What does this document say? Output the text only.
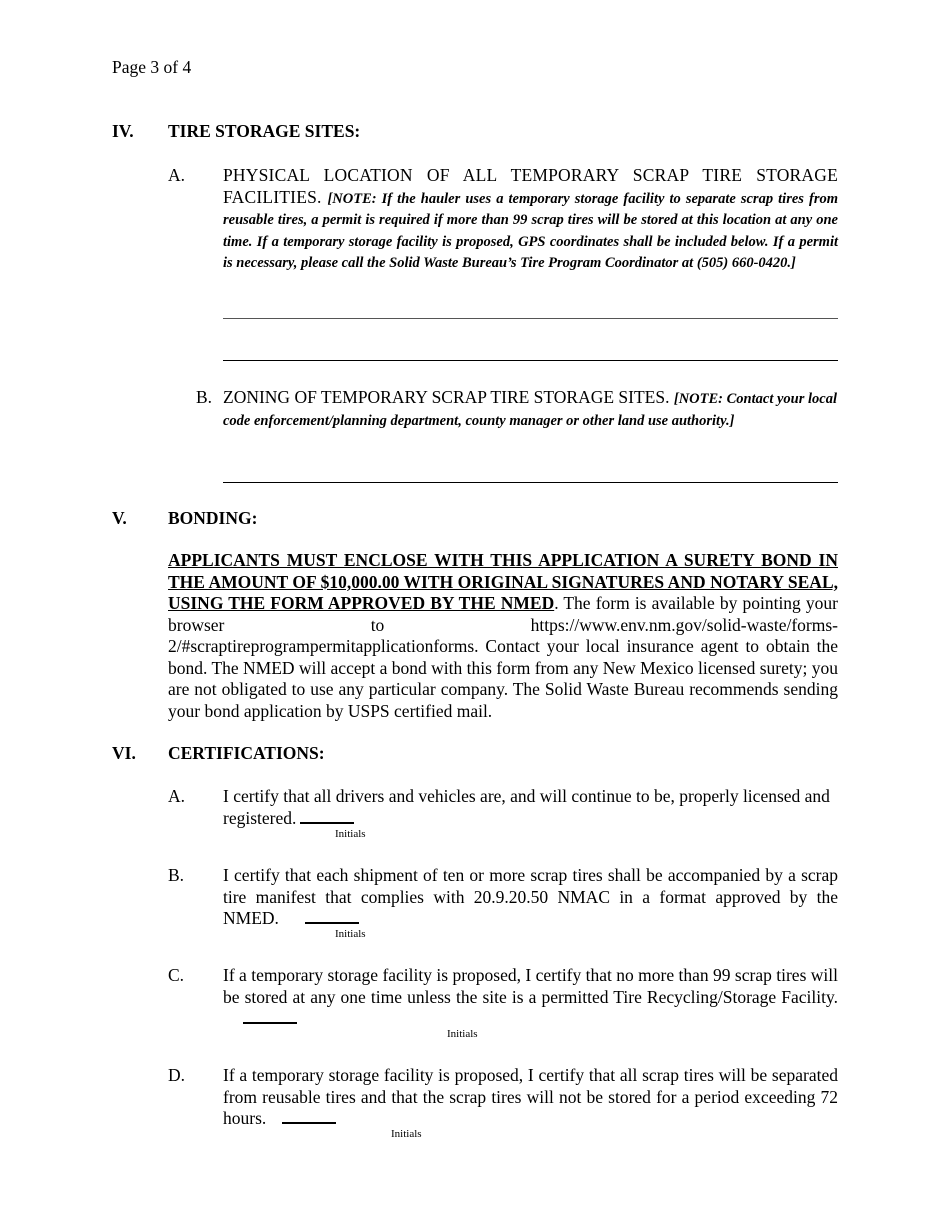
Page 3 of 4
IV. TIRE STORAGE SITES:
A. PHYSICAL LOCATION OF ALL TEMPORARY SCRAP TIRE STORAGE FACILITIES. [NOTE: If the hauler uses a temporary storage facility to separate scrap tires from reusable tires, a permit is required if more than 99 scrap tires will be stored at this location at any one time. If a temporary storage facility is proposed, GPS coordinates shall be included below. If a permit is necessary, please call the Solid Waste Bureau’s Tire Program Coordinator at (505) 660-0420.]
B. ZONING OF TEMPORARY SCRAP TIRE STORAGE SITES. [NOTE: Contact your local code enforcement/planning department, county manager or other land use authority.]
V. BONDING:
APPLICANTS MUST ENCLOSE WITH THIS APPLICATION A SURETY BOND IN THE AMOUNT OF $10,000.00 WITH ORIGINAL SIGNATURES AND NOTARY SEAL, USING THE FORM APPROVED BY THE NMED. The form is available by pointing your browser to https://www.env.nm.gov/solid-waste/forms-2/#scraptireprogrampermitapplicationforms. Contact your local insurance agent to obtain the bond. The NMED will accept a bond with this form from any New Mexico licensed surety; you are not obligated to use any particular company. The Solid Waste Bureau recommends sending your bond application by USPS certified mail.
VI. CERTIFICATIONS:
A. I certify that all drivers and vehicles are, and will continue to be, properly licensed and registered.
Initials
B. I certify that each shipment of ten or more scrap tires shall be accompanied by a scrap tire manifest that complies with 20.9.20.50 NMAC in a format approved by the NMED.
Initials
C. If a temporary storage facility is proposed, I certify that no more than 99 scrap tires will be stored at any one time unless the site is a permitted Tire Recycling/Storage Facility.
Initials
D. If a temporary storage facility is proposed, I certify that all scrap tires will be separated from reusable tires and that the scrap tires will not be stored for a period exceeding 72 hours.
Initials
